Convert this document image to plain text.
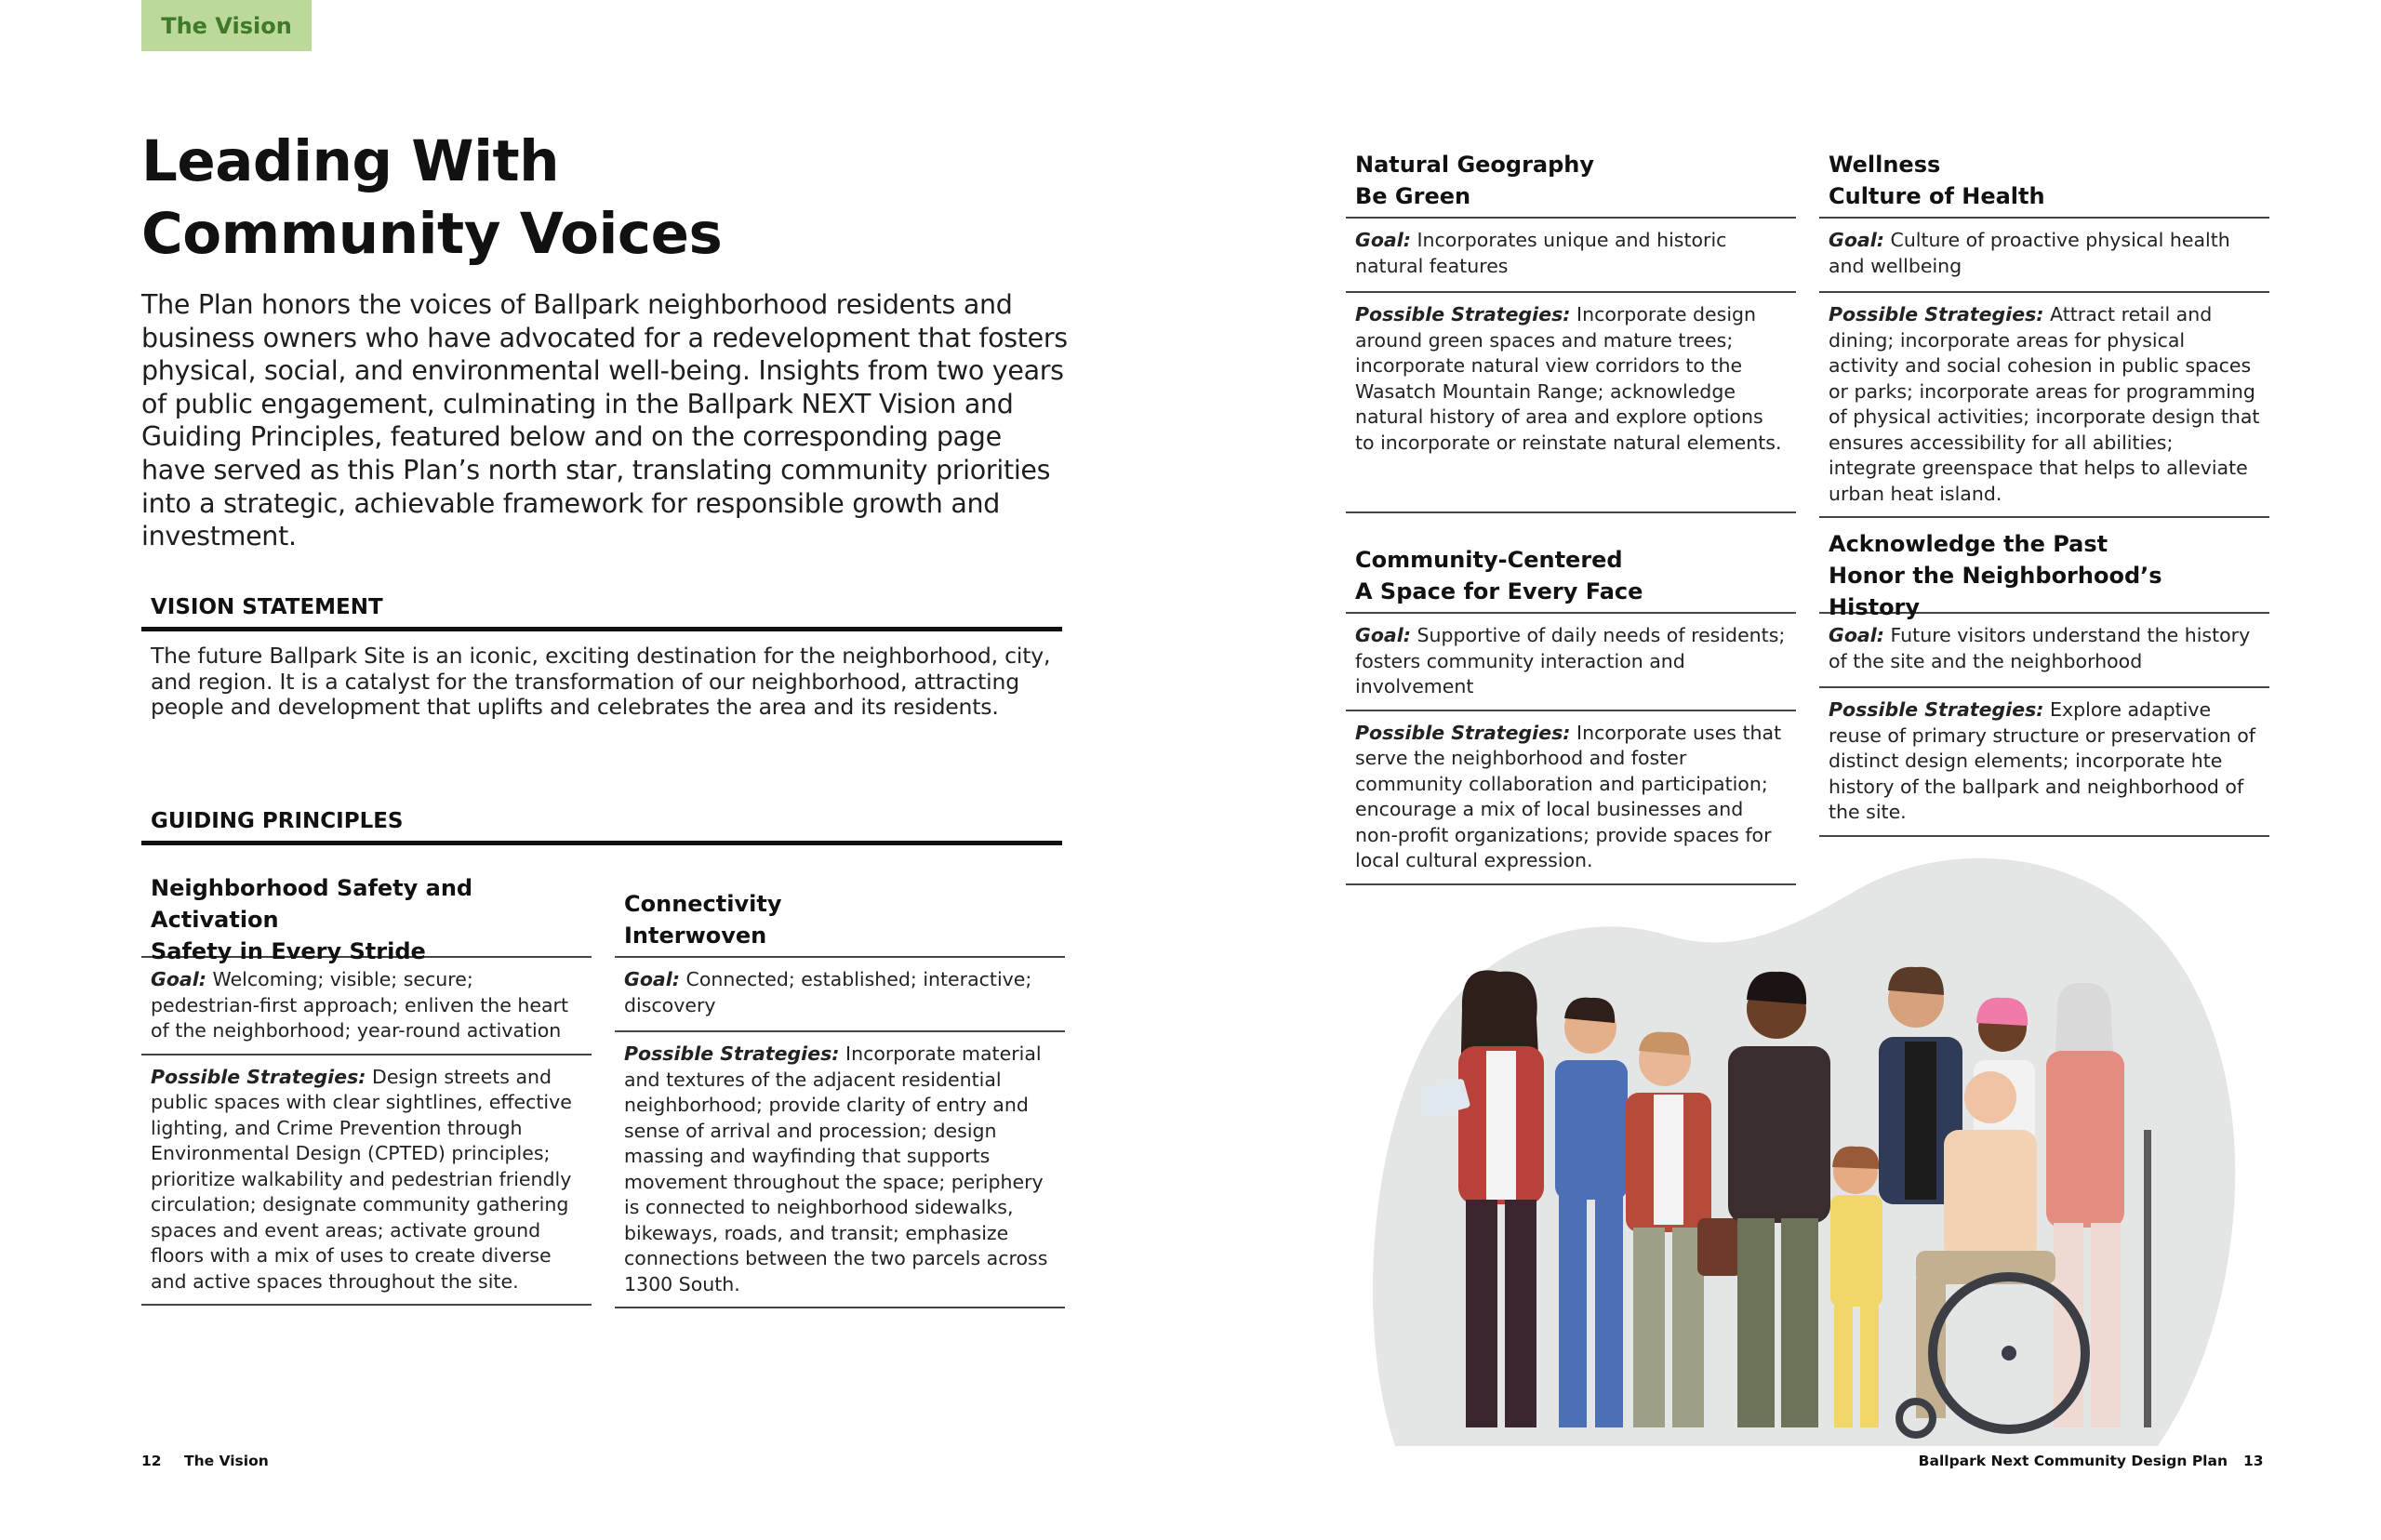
The Vision
Leading With
Community Voices

The Plan honors the voices of Ballpark neighborhood residents and business owners who have advocated for a redevelopment that fosters physical, social, and environmental well-being. Insights from two years of public engagement, culminating in the Ballpark NEXT Vision and Guiding Principles, featured below and on the corresponding page have served as this Plan’s north star, translating community priorities into a strategic, achievable framework for responsible growth and investment.

VISION STATEMENT

The future Ballpark Site is an iconic, exciting destination for the neighborhood, city, and region. It is a catalyst for the transformation of our neighborhood, attracting people and development that uplifts and celebrates the area and its residents.

GUIDING PRINCIPLES
Neighborhood Safety and Activation
Safety in Every Stride
Goal: Welcoming; visible; secure; pedestrian-first approach; enliven the heart of the neighborhood; year-round activation
Possible Strategies: Design streets and public spaces with clear sightlines, effective lighting, and Crime Prevention through Environmental Design (CPTED) principles; prioritize walkability and pedestrian friendly circulation; designate community gathering spaces and event areas; activate ground floors with a mix of uses to create diverse and active spaces throughout the site.
Connectivity
Interwoven
Goal: Connected; established; interactive; discovery
Possible Strategies: Incorporate material and textures of the adjacent residential neighborhood; provide clarity of entry and sense of arrival and procession; design massing and wayfinding that supports movement throughout the space; periphery is connected to neighborhood sidewalks, bikeways, roads, and transit; emphasize connections between the two parcels across 1300 South.
Natural Geography
Be Green
Goal: Incorporates unique and historic natural features
Possible Strategies: Incorporate design around green spaces and mature trees; incorporate natural view corridors to the Wasatch Mountain Range; acknowledge natural history of area and explore options to incorporate or reinstate natural elements.
Wellness
Culture of Health
Goal: Culture of proactive physical health and wellbeing
Possible Strategies: Attract retail and dining; incorporate areas for physical activity and social cohesion in public spaces or parks; incorporate areas for programming of physical activities; incorporate design that ensures accessibility for all abilities; integrate greenspace that helps to alleviate urban heat island.
Community-Centered
A Space for Every Face
Goal: Supportive of daily needs of residents; fosters community interaction and involvement
Possible Strategies: Incorporate uses that serve the neighborhood and foster community collaboration and participation; encourage a mix of local businesses and non-profit organizations; provide spaces for local cultural expression.
Acknowledge the Past
Honor the Neighborhood’s History
Goal: Future visitors understand the history of the site and the neighborhood
Possible Strategies: Explore adaptive reuse of primary structure or preservation of distinct design elements; incorporate hte history of the ballpark and neighborhood of the site.
12 The Vision	Ballpark Next Community Design Plan 13
